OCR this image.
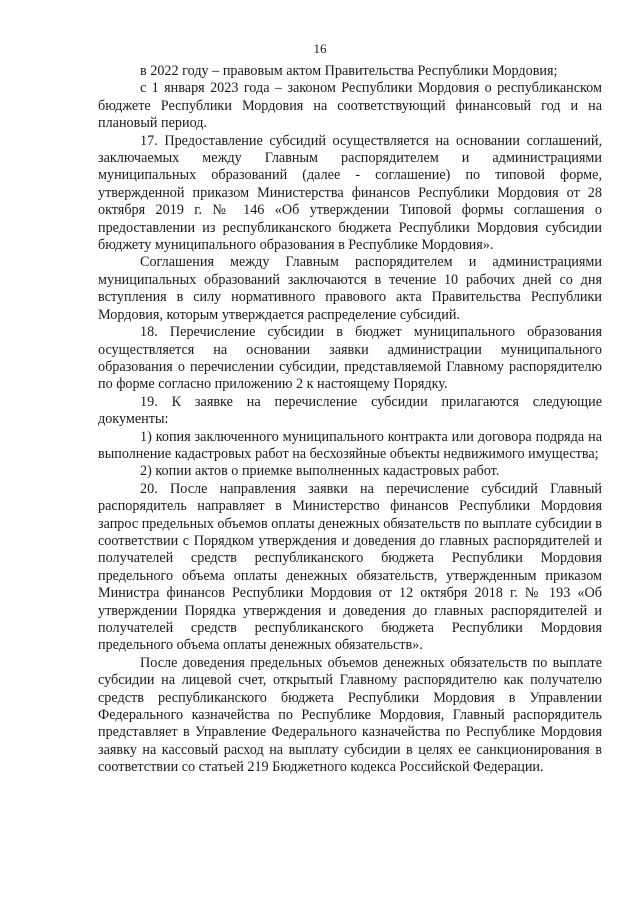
16

в 2022 году – правовым актом Правительства Республики Мордовия;

с 1 января 2023 года – законом Республики Мордовия о республиканском бюджете Республики Мордовия на соответствующий финансовый год и на плановый период.

17. Предоставление субсидий осуществляется на основании соглашений, заключаемых между Главным распорядителем и администрациями муниципальных образований (далее - соглашение) по типовой форме, утвержденной приказом Министерства финансов Республики Мордовия от 28 октября 2019 г. № 146 «Об утверждении Типовой формы соглашения о предоставлении из республиканского бюджета Республики Мордовия субсидии бюджету муниципального образования в Республике Мордовия».

Соглашения между Главным распорядителем и администрациями муниципальных образований заключаются в течение 10 рабочих дней со дня вступления в силу нормативного правового акта Правительства Республики Мордовия, которым утверждается распределение субсидий.

18. Перечисление субсидии в бюджет муниципального образования осуществляется на основании заявки администрации муниципального образования о перечислении субсидии, представляемой Главному распорядителю по форме согласно приложению 2 к настоящему Порядку.

19. К заявке на перечисление субсидии прилагаются следующие документы:

1) копия заключенного муниципального контракта или договора подряда на выполнение кадастровых работ на бесхозяйные объекты недвижимого имущества;

2) копии актов о приемке выполненных кадастровых работ.

20. После направления заявки на перечисление субсидий Главный распорядитель направляет в Министерство финансов Республики Мордовия запрос предельных объемов оплаты денежных обязательств по выплате субсидии в соответствии с Порядком утверждения и доведения до главных распорядителей и получателей средств республиканского бюджета Республики Мордовия предельного объема оплаты денежных обязательств, утвержденным приказом Министра финансов Республики Мордовия от 12 октября 2018 г. № 193 «Об утверждении Порядка утверждения и доведения до главных распорядителей и получателей средств республиканского бюджета Республики Мордовия предельного объема оплаты денежных обязательств».

После доведения предельных объемов денежных обязательств по выплате субсидии на лицевой счет, открытый Главному распорядителю как получателю средств республиканского бюджета Республики Мордовия в Управлении Федерального казначейства по Республике Мордовия, Главный распорядитель представляет в Управление Федерального казначейства по Республике Мордовия заявку на кассовый расход на выплату субсидии в целях ее санкционирования в соответствии со статьей 219 Бюджетного кодекса Российской Федерации.
